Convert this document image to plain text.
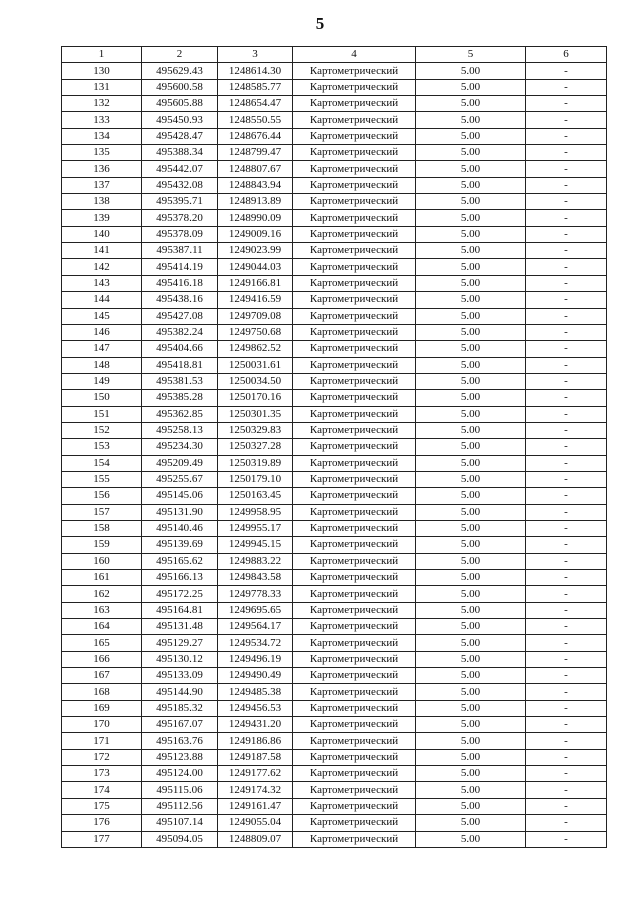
5
1	2	3	4	5	6
130	495629.43	1248614.30	Картометрический	5.00	-
131	495600.58	1248585.77	Картометрический	5.00	-
132	495605.88	1248654.47	Картометрический	5.00	-
133	495450.93	1248550.55	Картометрический	5.00	-
134	495428.47	1248676.44	Картометрический	5.00	-
135	495388.34	1248799.47	Картометрический	5.00	-
136	495442.07	1248807.67	Картометрический	5.00	-
137	495432.08	1248843.94	Картометрический	5.00	-
138	495395.71	1248913.89	Картометрический	5.00	-
139	495378.20	1248990.09	Картометрический	5.00	-
140	495378.09	1249009.16	Картометрический	5.00	-
141	495387.11	1249023.99	Картометрический	5.00	-
142	495414.19	1249044.03	Картометрический	5.00	-
143	495416.18	1249166.81	Картометрический	5.00	-
144	495438.16	1249416.59	Картометрический	5.00	-
145	495427.08	1249709.08	Картометрический	5.00	-
146	495382.24	1249750.68	Картометрический	5.00	-
147	495404.66	1249862.52	Картометрический	5.00	-
148	495418.81	1250031.61	Картометрический	5.00	-
149	495381.53	1250034.50	Картометрический	5.00	-
150	495385.28	1250170.16	Картометрический	5.00	-
151	495362.85	1250301.35	Картометрический	5.00	-
152	495258.13	1250329.83	Картометрический	5.00	-
153	495234.30	1250327.28	Картометрический	5.00	-
154	495209.49	1250319.89	Картометрический	5.00	-
155	495255.67	1250179.10	Картометрический	5.00	-
156	495145.06	1250163.45	Картометрический	5.00	-
157	495131.90	1249958.95	Картометрический	5.00	-
158	495140.46	1249955.17	Картометрический	5.00	-
159	495139.69	1249945.15	Картометрический	5.00	-
160	495165.62	1249883.22	Картометрический	5.00	-
161	495166.13	1249843.58	Картометрический	5.00	-
162	495172.25	1249778.33	Картометрический	5.00	-
163	495164.81	1249695.65	Картометрический	5.00	-
164	495131.48	1249564.17	Картометрический	5.00	-
165	495129.27	1249534.72	Картометрический	5.00	-
166	495130.12	1249496.19	Картометрический	5.00	-
167	495133.09	1249490.49	Картометрический	5.00	-
168	495144.90	1249485.38	Картометрический	5.00	-
169	495185.32	1249456.53	Картометрический	5.00	-
170	495167.07	1249431.20	Картометрический	5.00	-
171	495163.76	1249186.86	Картометрический	5.00	-
172	495123.88	1249187.58	Картометрический	5.00	-
173	495124.00	1249177.62	Картометрический	5.00	-
174	495115.06	1249174.32	Картометрический	5.00	-
175	495112.56	1249161.47	Картометрический	5.00	-
176	495107.14	1249055.04	Картометрический	5.00	-
177	495094.05	1248809.07	Картометрический	5.00	-
